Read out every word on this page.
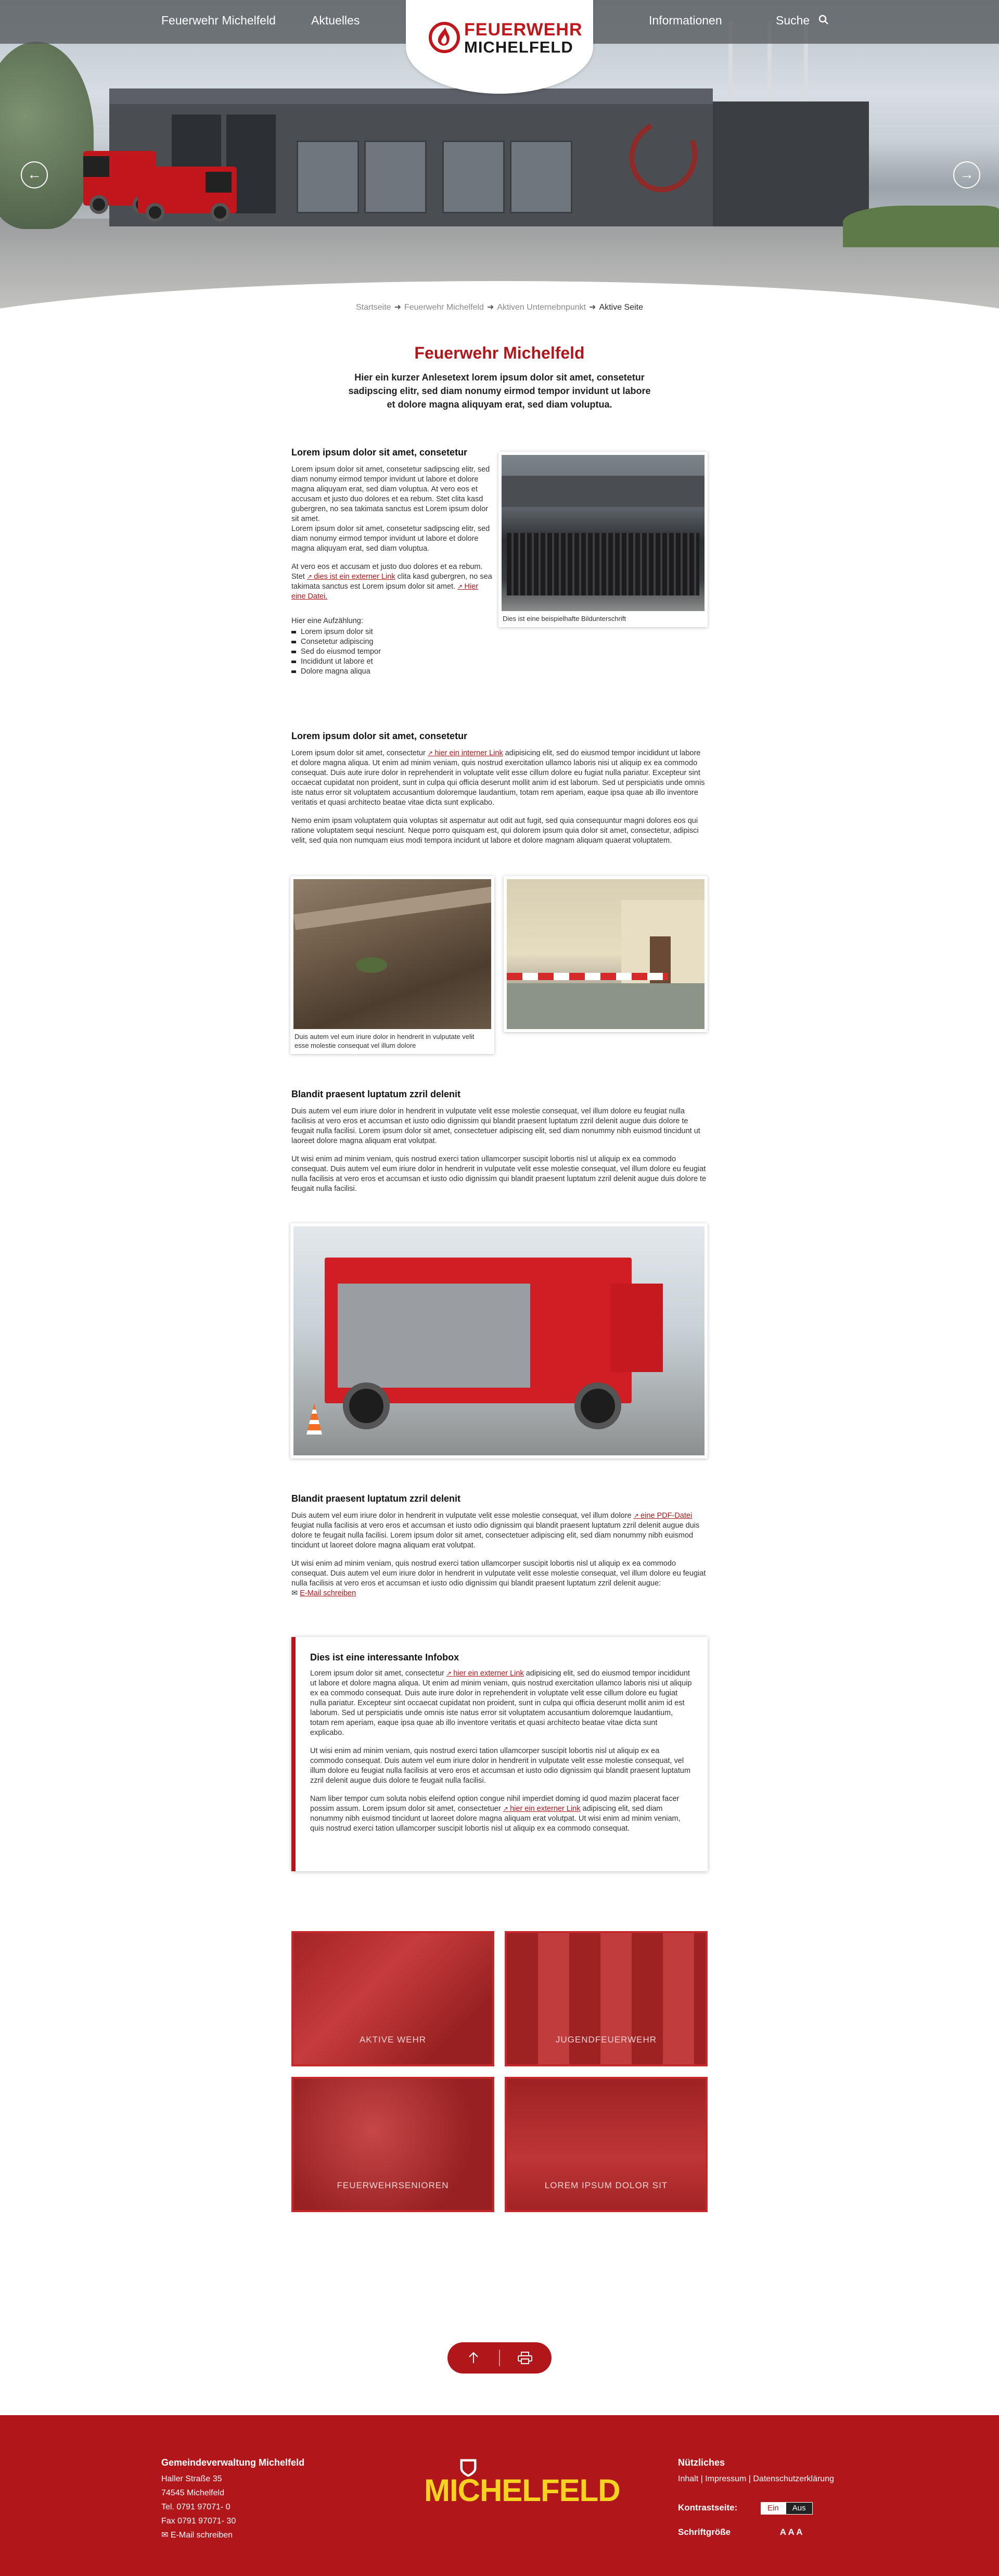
Feuerwehr Michelfeld	Aktuelles	Informationen	Suche
FEUERWEHR
MICHELFELD
←	→
Startseite ➜ Feuerwehr Michelfeld ➜ Aktiven Unternebnpunkt ➜ Aktive Seite
Feuerwehr Michelfeld

Hier ein kurzer Anlesetext lorem ipsum dolor sit amet, consetetur sadipscing elitr, sed diam nonumy eirmod tempor invidunt ut labore et dolore magna aliquyam erat, sed diam voluptua.

Lorem ipsum dolor sit amet, consetetur

Lorem ipsum dolor sit amet, consetetur sadipscing elitr, sed diam nonumy eirmod tempor invidunt ut labore et dolore magna aliquyam erat, sed diam voluptua. At vero eos et accusam et justo duo dolores et ea rebum. Stet clita kasd gubergren, no sea takimata sanctus est Lorem ipsum dolor sit amet.
Lorem ipsum dolor sit amet, consetetur sadipscing elitr, sed diam nonumy eirmod tempor invidunt ut labore et dolore magna aliquyam erat, sed diam voluptua.

At vero eos et accusam et justo duo dolores et ea rebum. Stet ↗ dies ist ein externer Link clita kasd gubergren, no sea takimata sanctus est Lorem ipsum dolor sit amet. ↗ Hier eine Datei.

Hier eine Aufzählung:

Lorem ipsum dolor sit
Consetetur adipiscing
Sed do eiusmod tempor
Incididunt ut labore et
Dolore magna aliqua
Dies ist eine beispielhafte Bildunterschrift
Lorem ipsum dolor sit amet, consetetur

Lorem ipsum dolor sit amet, consectetur ↗ hier ein interner Link adipisicing elit, sed do eiusmod tempor incididunt ut labore et dolore magna aliqua. Ut enim ad minim veniam, quis nostrud exercitation ullamco laboris nisi ut aliquip ex ea commodo consequat. Duis aute irure dolor in reprehenderit in voluptate velit esse cillum dolore eu fugiat nulla pariatur. Excepteur sint occaecat cupidatat non proident, sunt in culpa qui officia deserunt mollit anim id est laborum. Sed ut perspiciatis unde omnis iste natus error sit voluptatem accusantium doloremque laudantium, totam rem aperiam, eaque ipsa quae ab illo inventore veritatis et quasi architecto beatae vitae dicta sunt explicabo.

Nemo enim ipsam voluptatem quia voluptas sit aspernatur aut odit aut fugit, sed quia consequuntur magni dolores eos qui ratione voluptatem sequi nesciunt. Neque porro quisquam est, qui dolorem ipsum quia dolor sit amet, consectetur, adipisci velit, sed quia non numquam eius modi tempora incidunt ut labore et dolore magnam aliquam quaerat voluptatem.

Duis autem vel eum iriure dolor in hendrerit in vulputate velit esse molestie consequat vel illum dolore
Blandit praesent luptatum zzril delenit

Duis autem vel eum iriure dolor in hendrerit in vulputate velit esse molestie consequat, vel illum dolore eu feugiat nulla facilisis at vero eros et accumsan et iusto odio dignissim qui blandit praesent luptatum zzril delenit augue duis dolore te feugait nulla facilisi. Lorem ipsum dolor sit amet, consectetuer adipiscing elit, sed diam nonummy nibh euismod tincidunt ut laoreet dolore magna aliquam erat volutpat.

Ut wisi enim ad minim veniam, quis nostrud exerci tation ullamcorper suscipit lobortis nisl ut aliquip ex ea commodo consequat. Duis autem vel eum iriure dolor in hendrerit in vulputate velit esse molestie consequat, vel illum dolore eu feugiat nulla facilisis at vero eros et accumsan et iusto odio dignissim qui blandit praesent luptatum zzril delenit augue duis dolore te feugait nulla facilisi.

Blandit praesent luptatum zzril delenit

Duis autem vel eum iriure dolor in hendrerit in vulputate velit esse molestie consequat, vel illum dolore ↗ eine PDF-Datei feugiat nulla facilisis at vero eros et accumsan et iusto odio dignissim qui blandit praesent luptatum zzril delenit augue duis dolore te feugait nulla facilisi. Lorem ipsum dolor sit amet, consectetuer adipiscing elit, sed diam nonummy nibh euismod tincidunt ut laoreet dolore magna aliquam erat volutpat.

Ut wisi enim ad minim veniam, quis nostrud exerci tation ullamcorper suscipit lobortis nisl ut aliquip ex ea commodo consequat. Duis autem vel eum iriure dolor in hendrerit in vulputate velit esse molestie consequat, vel illum dolore eu feugiat nulla facilisis at vero eros et accumsan et iusto odio dignissim qui blandit praesent luptatum zzril delenit augue:
✉ E-Mail schreiben

Dies ist eine interessante Infobox

Lorem ipsum dolor sit amet, consectetur ↗ hier ein externer Link adipisicing elit, sed do eiusmod tempor incididunt ut labore et dolore magna aliqua. Ut enim ad minim veniam, quis nostrud exercitation ullamco laboris nisi ut aliquip ex ea commodo consequat. Duis aute irure dolor in reprehenderit in voluptate velit esse cillum dolore eu fugiat nulla pariatur. Excepteur sint occaecat cupidatat non proident, sunt in culpa qui officia deserunt mollit anim id est laborum. Sed ut perspiciatis unde omnis iste natus error sit voluptatem accusantium doloremque laudantium, totam rem aperiam, eaque ipsa quae ab illo inventore veritatis et quasi architecto beatae vitae dicta sunt explicabo.

Ut wisi enim ad minim veniam, quis nostrud exerci tation ullamcorper suscipit lobortis nisl ut aliquip ex ea commodo consequat. Duis autem vel eum iriure dolor in hendrerit in vulputate velit esse molestie consequat, vel illum dolore eu feugiat nulla facilisis at vero eros et accumsan et iusto odio dignissim qui blandit praesent luptatum zzril delenit augue duis dolore te feugait nulla facilisi.

Nam liber tempor cum soluta nobis eleifend option congue nihil imperdiet doming id quod mazim placerat facer possim assum. Lorem ipsum dolor sit amet, consectetuer ↗ hier ein externer Link adipiscing elit, sed diam nonummy nibh euismod tincidunt ut laoreet dolore magna aliquam erat volutpat. Ut wisi enim ad minim veniam, quis nostrud exerci tation ullamcorper suscipit lobortis nisl ut aliquip ex ea commodo consequat.

AKTIVE WEHR	JUGENDFEUERWEHR
FEUERWEHRSENIOREN	LOREM IPSUM DOLOR SIT
Gemeindeverwaltung Michelfeld
Haller Straße 35
74545 Michelfeld
Tel. 0791 97071- 0
Fax 0791 97071- 30
✉ E-Mail schreiben
MICHELFELD
Nützliches
Inhalt | Impressum | Datenschutzerklärung
Kontrastseite:	Ein Aus
Schriftgröße	A A A
